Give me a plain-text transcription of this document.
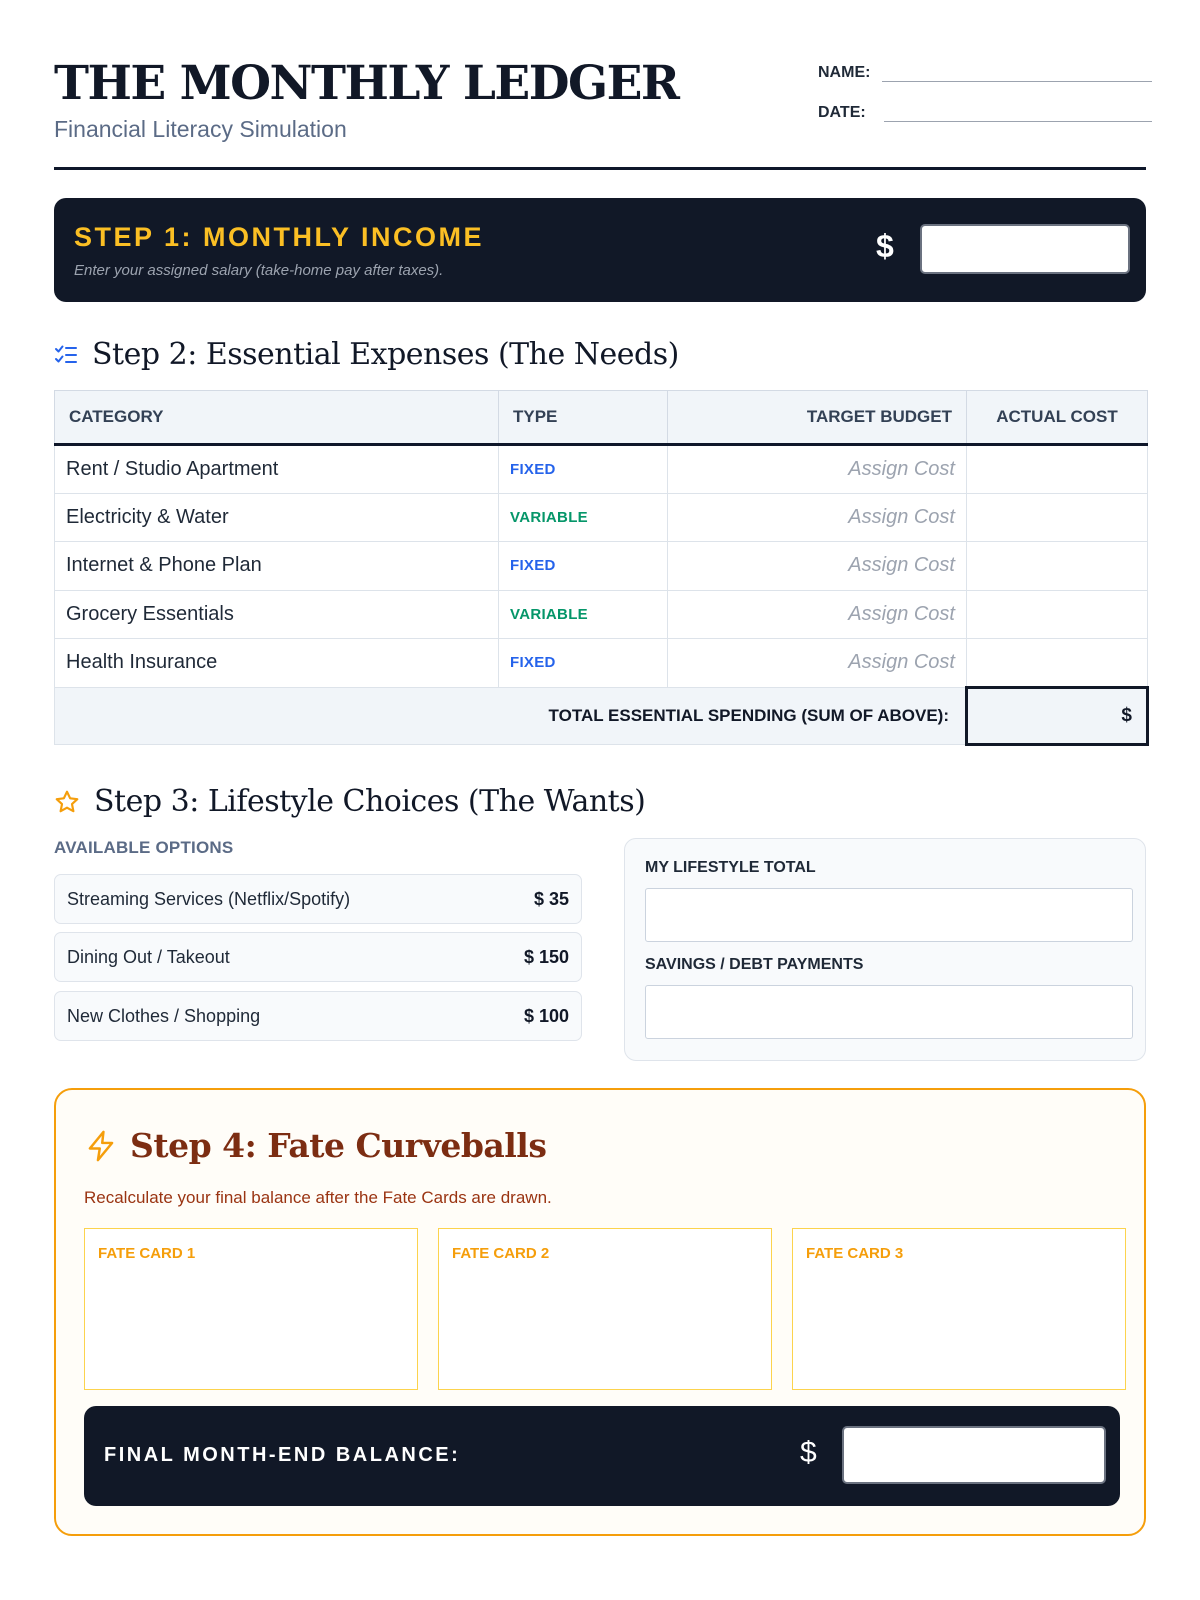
THE MONTHLY LEDGER
Financial Literacy Simulation
NAME:
DATE:
STEP 1: MONTHLY INCOME
Enter your assigned salary (take-home pay after taxes).
$
Step 2: Essential Expenses (The Needs)
CATEGORY	TYPE	TARGET BUDGET	ACTUAL COST
Rent / Studio Apartment	FIXED	Assign Cost	
Electricity & Water	VARIABLE	Assign Cost	
Internet & Phone Plan	FIXED	Assign Cost	
Grocery Essentials	VARIABLE	Assign Cost	
Health Insurance	FIXED	Assign Cost	
TOTAL ESSENTIAL SPENDING (SUM OF ABOVE):			$
Step 3: Lifestyle Choices (The Wants)
AVAILABLE OPTIONS
Streaming Services (Netflix/Spotify)	$ 35
Dining Out / Takeout	$ 150
New Clothes / Shopping	$ 100
MY LIFESTYLE TOTAL
SAVINGS / DEBT PAYMENTS
Step 4: Fate Curveballs
Recalculate your final balance after the Fate Cards are drawn.
FATE CARD 1	FATE CARD 2	FATE CARD 3
FINAL MONTH-END BALANCE:	$
